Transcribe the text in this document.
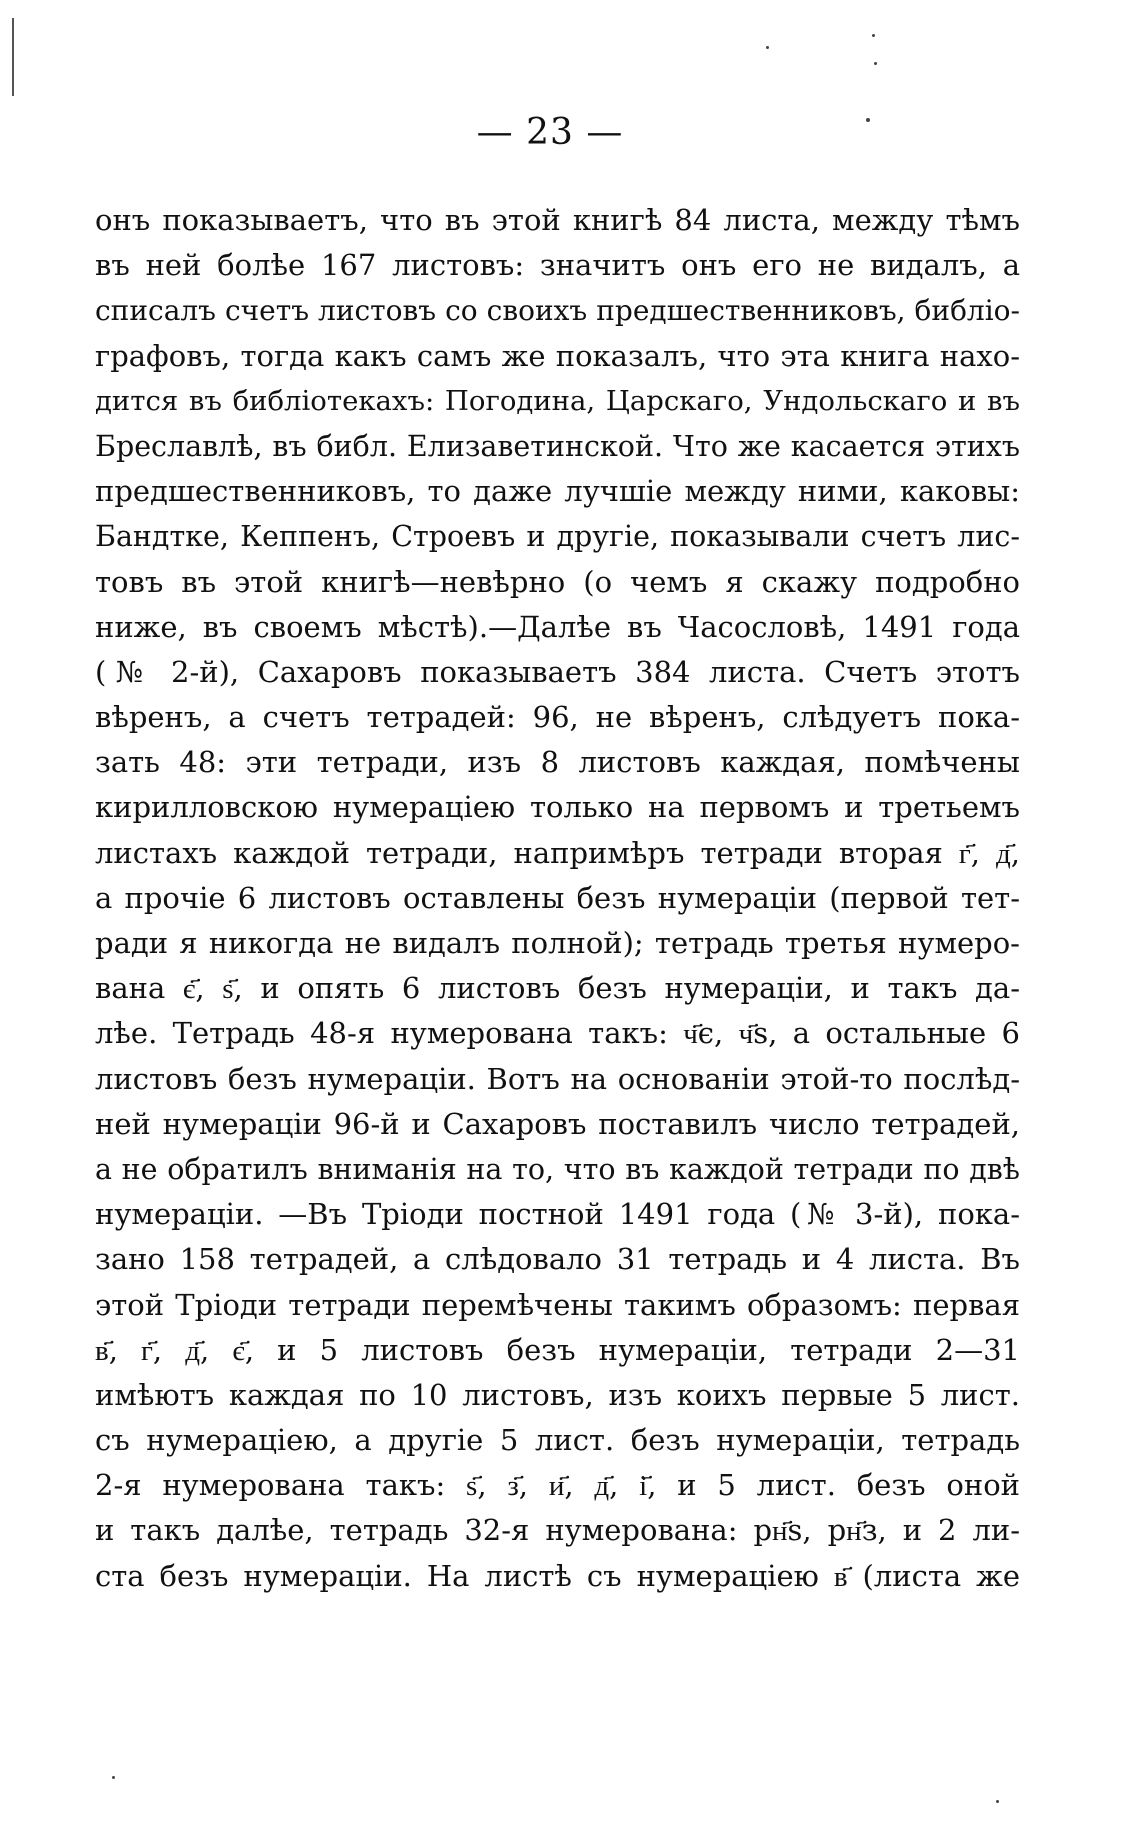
— 23 —
онъ показываетъ, что въ этой книгѣ 84 листа, между тѣмъ
въ ней болѣе 167 листовъ: значитъ онъ его не видалъ, а
списалъ счетъ листовъ со своихъ предшественниковъ, библіо-
графовъ, тогда какъ самъ же показалъ, что эта книга нахо-
дится въ библіотекахъ: Погодина, Царскаго, Ундольскаго и въ
Бреславлѣ, въ библ. Елизаветинской. Что же касается этихъ
предшественниковъ, то даже лучшіе между ними, каковы:
Бандтке, Кеппенъ, Строевъ и другіе, показывали счетъ лис-
товъ въ этой книгѣ—невѣрно (о чемъ я скажу подробно
ниже, въ своемъ мѣстѣ).—Далѣе въ Часословѣ, 1491 года
(№ 2-й), Сахаровъ показываетъ 384 листа. Счетъ этотъ
вѣренъ, а счетъ тетрадей: 96, не вѣренъ, слѣдуетъ пока-
зать 48: эти тетради, изъ 8 листовъ каждая, помѣчены
кирилловскою нумераціею только на первомъ и третьемъ
листахъ каждой тетради, напримѣръ тетради вторая г҃, д҃,
а прочіе 6 листовъ оставлены безъ нумераціи (первой тет-
ради я никогда не видалъ полной); тетрадь третья нумеро-
вана є҃, ѕ҃, и опять 6 листовъ безъ нумераціи, и такъ да-
лѣе. Тетрадь 48-я нумерована такъ: ч҃є, ч҃ѕ, а остальные 6
листовъ безъ нумераціи. Вотъ на основаніи этой-то послѣд-
ней нумераціи 96-й и Сахаровъ поставилъ число тетрадей,
а не обратилъ вниманія на то, что въ каждой тетради по двѣ
нумераціи. —Въ Тріоди постной 1491 года (№ 3-й), пока-
зано 158 тетрадей, а слѣдовало 31 тетрадь и 4 листа. Въ
этой Тріоди тетради перемѣчены такимъ образомъ: первая
в҃, г҃, д҃, є҃, и 5 листовъ безъ нумераціи, тетради 2—31
имѣютъ каждая по 10 листовъ, изъ коихъ первые 5 лист.
съ нумераціею, а другіе 5 лист. безъ нумераціи, тетрадь
2-я нумерована такъ: ѕ҃, з҃, и҃, д҃, і҃, и 5 лист. безъ оной
и такъ далѣе, тетрадь 32-я нумерована: рн҃ѕ, рн҃з, и 2 ли-
ста безъ нумераціи. На листѣ съ нумераціею в҃ (листа же
